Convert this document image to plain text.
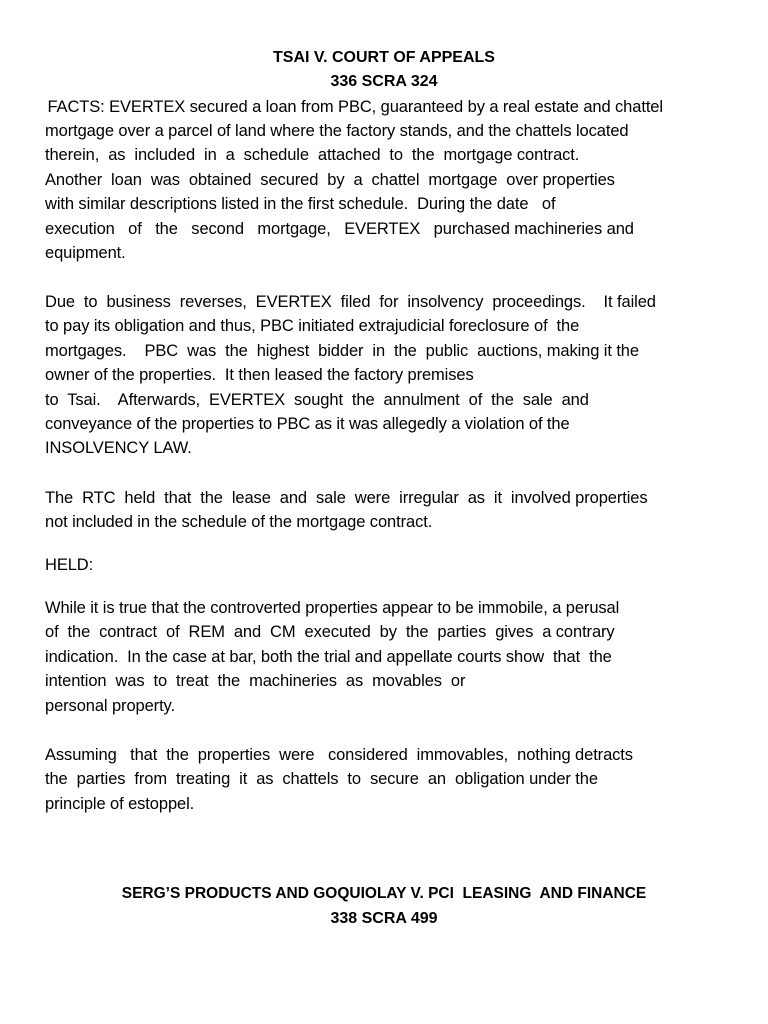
TSAI V. COURT OF APPEALS
336 SCRA 324
FACTS: EVERTEX secured a loan from PBC, guaranteed by a real estate and chattel
mortgage over a parcel of land where the factory stands, and the chattels located
therein,  as  included  in  a  schedule  attached  to  the  mortgage contract.
Another  loan  was  obtained  secured  by  a  chattel  mortgage  over properties
with similar descriptions listed in the first schedule.  During the date   of
execution   of   the   second   mortgage,   EVERTEX   purchased machineries and
equipment.
Due  to  business  reverses,  EVERTEX  filed  for  insolvency  proceedings.    It failed
to pay its obligation and thus, PBC initiated extrajudicial foreclosure of  the
mortgages.    PBC  was  the  highest  bidder  in  the  public  auctions, making it the
owner of the properties.  It then leased the factory premises
to  Tsai.    Afterwards,  EVERTEX  sought  the  annulment  of  the  sale  and
conveyance of the properties to PBC as it was allegedly a violation of the
INSOLVENCY LAW.
The  RTC  held  that  the  lease  and  sale  were  irregular  as  it  involved properties
not included in the schedule of the mortgage contract.
HELD:
While it is true that the controverted properties appear to be immobile, a perusal
of  the  contract  of  REM  and  CM  executed  by  the  parties  gives  a contrary
indication.  In the case at bar, both the trial and appellate courts show  that  the
intention  was  to  treat  the  machineries  as  movables  or
personal property.
Assuming   that  the  properties  were   considered  immovables,  nothing detracts
the  parties  from  treating  it  as  chattels  to  secure  an  obligation under the
principle of estoppel.
SERG’S PRODUCTS AND GOQUIOLAY V. PCI  LEASING  AND FINANCE
338 SCRA 499
